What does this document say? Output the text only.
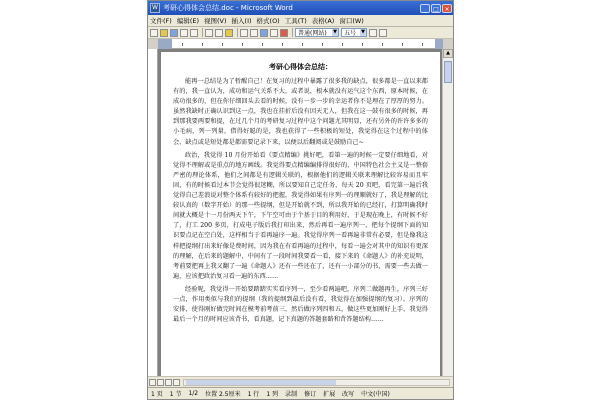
W 考研心得体会总结.doc - Microsoft Word	_	□ ×
文件(F) 编辑(E) 视图(V) 插入(I) 格式(O) 工具(T) 表格(A) 窗口(W)
普通(网站) ▼	五号 ▼
考研心得体会总结：

能再一总结是为了暂醒自己！在复习的过程中暴露了很多我的缺点，很多都是一直以来都有的，我一直认为，成功和运气关系不大，或者说，根本就没有运气这个东西，原本时候，在成功很多的，但在你仔细回头去看的时候，没有一步一步的幸运者你不是埋在了厚厚的努力。虽然我缺时正确认识到这一点，我也在挂折后没有因天无人，但我在这一鼓有很多的时候，再到那我要两要和提，在过几个月的考研复习过程中这个问题尤其明显，还有另外的许许多多的小毛病，列一列量，借得好聪的是，我也获得了一些积极的短处，我觉得在这个过程中的体会、缺点或是短处都是都需要记录下来，以便以后翻阅或是鼓励自己~

政治，我觉得 10 月份开始看《要点精编》挑好吧，看第一遍的时候一定要仔细地看，对觉得不理解或是重点的地方画线。我觉得要点精编编排得很好的，中国特色社会主义是一整套严密的理论体系，他们之间都是有逻辑关联的，根据他们的逻辑关联来理解比较容易而且牢固，有的时候看过本节会觉得很迷糊，所以要知自己定任务，每天 20 页吧，看完第一遍后我觉得自己差浪说对整个体系有较好的把握，我觉得如果有序列一的理顺就好了，我是理解的比较认真的（数字开始）的那一些提纲，但是开始就不到，所以我开始的已经打，打算明确我时间就大概是十一月份两天下午，下午空可由于个基于目的利用好，于是现在晚上，有时候不好了，打工 200 多页，打成电子版后我打印出来，然后再看一遍序列一，把每个提纲下面的知识要点记在空白处，这样相当于看再遍序一遍。我觉得序列一看再遍非常有必要，但是像我这样把提纲打出来好像是费时间，因为我在有看再遍的过程中，每看一遍会对其中的知识有更深的理解，在后来的题解中，中间有了一段时间我要看一看，接下来的《命题人》的补充说明，考前要把再上我又翻了一遍《命题人》还有一些还在了，还有一小部分的书，需要一些去做一遍，应该把政治复习看一遍的东西……

经验呢，我觉得一开始要踏踏实实看序列一，至少看两遍吧，序列二做题再生，序列三好一点，作用类似与我们的提纲（我的提纲到最后没有看，我觉得在加强提纲的复习）。序列的安排，使得刚好做完时间在模考前考前三，然后做序列四和五，做这些更加刚好上手，我觉得最后一个月的时间应该背书，看真题，记下真题的答题套路和背答题结构……

▲
1 页 1 节 1/2 位置 2.5厘米 1 行 1 列 录制 修订 扩展 改写 中文(中国)
